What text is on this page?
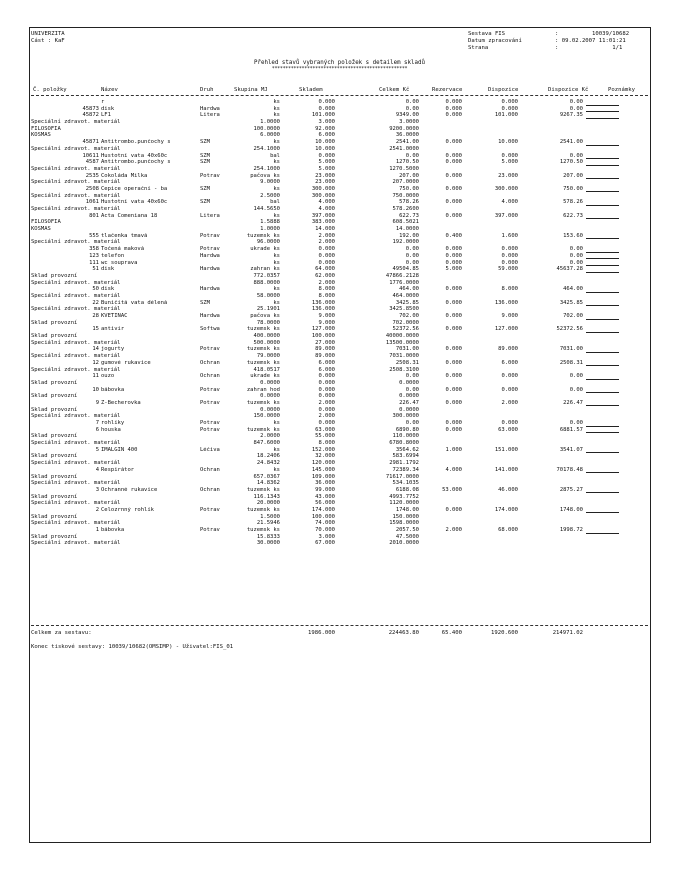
UNIVERZITA
Cást : KaF
Sestava FIS	:          10039/10682
Datum zpracování	: 09.02.2007 11:01:21
Strana	:                1/1
Přehled stavů vybraných položek s detailem skladů
**************************************************
Č. položky	Název	Druh	Skupina MJ	Skladem	Celkem Kč	Rezervace	Dispozice	Dispozice Kč	Poznámky
r	ks	0.000	0.00	0.000	0.000	0.00
45873 disk	Hardwa	ks	0.000	0.00	0.000	0.000	0.00
45872 LF1	Litera	ks	101.000	9349.00	0.000	101.000	9267.35
Speciální zdravot. materiál	1.0000	3.000	3.0000
FILOSOFIA	100.0000	92.000	9200.0000
KOSMAS	6.0000	6.000	36.0000
45871 Antitrombo.punčochy s	SZM	ks	10.000	2541.00	0.000	10.000	2541.00
Speciální zdravot. materiál	254.1000	10.000	2541.0000
10611 Hustotní vata 40x60c	SZM	bal	0.000	0.00	0.000	0.000	0.00
4587 Antitrombo.punčochy s	SZM	ks	5.000	1270.50	0.000	5.000	1270.50
Speciální zdravot. materiál	254.1000	5.000	1270.5000
2535 Čokoláda Milka	Potrav	pačova ks	23.000	207.00	0.000	23.000	207.00
Speciální zdravot. materiál	9.0000	23.000	207.0000
2508 Čepice operační - ba	SZM	ks	300.000	750.00	0.000	300.000	750.00
Speciální zdravot. materiál	2.5000	300.000	750.0000
1061 Hustotní vata 40x60c	SZM	bal	4.000	578.26	0.000	4.000	578.26
Speciální zdravot. materiál	144.5650	4.000	578.2600
801 Acta Comeniana 18	Litera	ks	397.000	622.73	0.000	397.000	622.73
FILOSOFIA	1.5888	383.000	608.5021
KOSMAS	1.0000	14.000	14.0000
555 tlačenka tmavá	Potrav	tuzemsk ks	2.000	192.00	0.400	1.600	153.60
Speciální zdravot. materiál	96.0000	2.000	192.0000
358 Točená maková	Potrav	ukrade ks	0.000	0.00	0.000	0.000	0.00
123 telefon	Hardwa	ks	0.000	0.00	0.000	0.000	0.00
111 wc souprava	ks	0.000	0.00	0.000	0.000	0.00
51 disk	Hardwa	zahran ks	64.000	49504.85	5.000	59.000	45637.28
Sklad provozní	772.0357	62.000	47866.2128
Speciální zdravot. materiál	888.0000	2.000	1776.0000
50 disk	Hardwa	ks	8.000	464.00	0.000	8.000	464.00
Speciální zdravot. materiál	58.0000	8.000	464.0000
22 Buničitá vata délená	SZM	ks	136.000	3425.85	0.000	136.000	3425.85
Speciální zdravot. materiál	25.1901	136.000	3425.8500
28 KVĚTINÁČ	Hardwa	pačova ks	9.000	702.00	0.000	9.000	702.00
Sklad provozní	78.0000	9.000	702.0000
15 antivir	Softwa	tuzemsk ks	127.000	52372.56	0.000	127.000	52372.56
Sklad provozní	400.0000	100.000	40000.0000
Speciální zdravot. materiál	500.0000	27.000	13500.0000
14 jogurty	Potrav	tuzemsk ks	89.000	7031.00	0.000	89.000	7031.00
Speciální zdravot. materiál	79.0000	89.000	7031.0000
12 gumové rukavice	Ochran	tuzemsk ks	6.000	2508.31	0.000	6.000	2508.31
Speciální zdravot. materiál	418.0517	6.000	2508.3100
11 ouzo	Ochran	ukrade ks	0.000	0.00	0.000	0.000	0.00
Sklad provozní	0.0000	0.000	0.0000
10 bábovka	Potrav	zahran hod	0.000	0.00	0.000	0.000	0.00
Sklad provozní	0.0000	0.000	0.0000
9 Z-Becherovka	Potrav	tuzemsk ks	2.000	226.47	0.000	2.000	226.47
Sklad provozní	0.0000	0.000	0.0000
Speciální zdravot. materiál	150.0000	2.000	300.0000
7 rohlíky	Potrav	ks	0.000	0.00	0.000	0.000	0.00
6 houska	Potrav	tuzemsk ks	63.000	6890.80	0.000	63.000	6881.57
Sklad provozní	2.0000	55.000	110.0000
Speciální zdravot. materiál	847.6000	8.000	6780.8000
5 IMALGIN 400	Léčiva	ks	152.000	3564.62	1.000	151.000	3541.07
Sklad provozní	18.2406	32.000	583.6994
Speciální zdravot. materiál	24.8432	120.000	2981.1792
4 Respirátor	Ochran	ks	145.000	72389.34	4.000	141.000	70178.48
Sklad provozní	657.0367	109.000	71617.0000
Speciální zdravot. materiál	14.8362	36.000	534.1035
3 Ochranné rukavice	Ochran	tuzemsk ks	99.000	6188.08	53.000	46.000	2875.27
Sklad provozní	116.1343	43.000	4993.7752
Speciální zdravot. materiál	20.0000	56.000	1120.0000
2 Celozrnný rohlík	Potrav	tuzemsk ks	174.000	1748.00	0.000	174.000	1748.00
Sklad provozní	1.5000	100.000	150.0000
Speciální zdravot. materiál	21.5946	74.000	1598.0000
1 bábovka	Potrav	tuzemsk ks	70.000	2057.50	2.000	68.000	1998.72
Sklad provozní	15.8333	3.000	47.5000
Speciální zdravot. materiál	30.0000	67.000	2010.0000
Celkem za sestavu:	1986.000	224463.80	65.400	1920.600	214971.02
Konec tiskové sestavy: 10039/10682(OMSIMP) - Uživatel:FIS_01
